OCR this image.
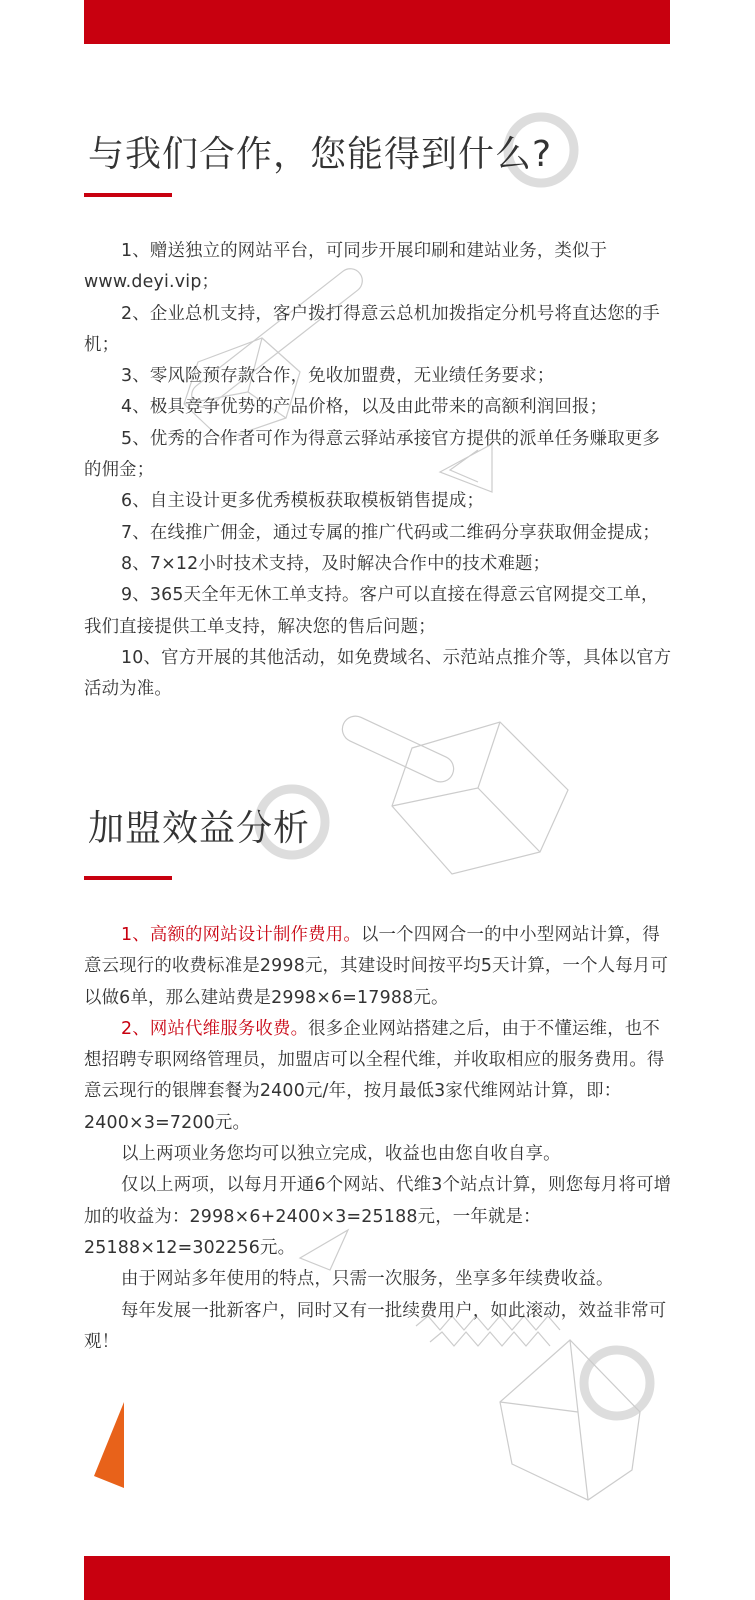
与我们合作，您能得到什么?

1、赠送独立的网站平台，可同步开展印刷和建站业务，类似于www.deyi.vip；

2、企业总机支持，客户拨打得意云总机加拨指定分机号将直达您的手机；

3、零风险预存款合作，免收加盟费，无业绩任务要求；

4、极具竞争优势的产品价格，以及由此带来的高额利润回报；

5、优秀的合作者可作为得意云驿站承接官方提供的派单任务赚取更多的佣金；

6、自主设计更多优秀模板获取模板销售提成；

7、在线推广佣金，通过专属的推广代码或二维码分享获取佣金提成；

8、7×12小时技术支持，及时解决合作中的技术难题；

9、365天全年无休工单支持。客户可以直接在得意云官网提交工单，我们直接提供工单支持，解决您的售后问题；

10、官方开展的其他活动，如免费域名、示范站点推介等，具体以官方活动为准。

加盟效益分析

1、高额的网站设计制作费用。以一个四网合一的中小型网站计算，得意云现行的收费标准是2998元，其建设时间按平均5天计算，一个人每月可以做6单，那么建站费是2998×6=17988元。

2、网站代维服务收费。很多企业网站搭建之后，由于不懂运维，也不想招聘专职网络管理员，加盟店可以全程代维，并收取相应的服务费用。得意云现行的银牌套餐为2400元/年，按月最低3家代维网站计算，即：2400×3=7200元。

以上两项业务您均可以独立完成，收益也由您自收自享。

仅以上两项，以每月开通6个网站、代维3个站点计算，则您每月将可增加的收益为：2998×6+2400×3=25188元，一年就是：25188×12=302256元。

由于网站多年使用的特点，只需一次服务，坐享多年续费收益。

每年发展一批新客户，同时又有一批续费用户，如此滚动，效益非常可观！
